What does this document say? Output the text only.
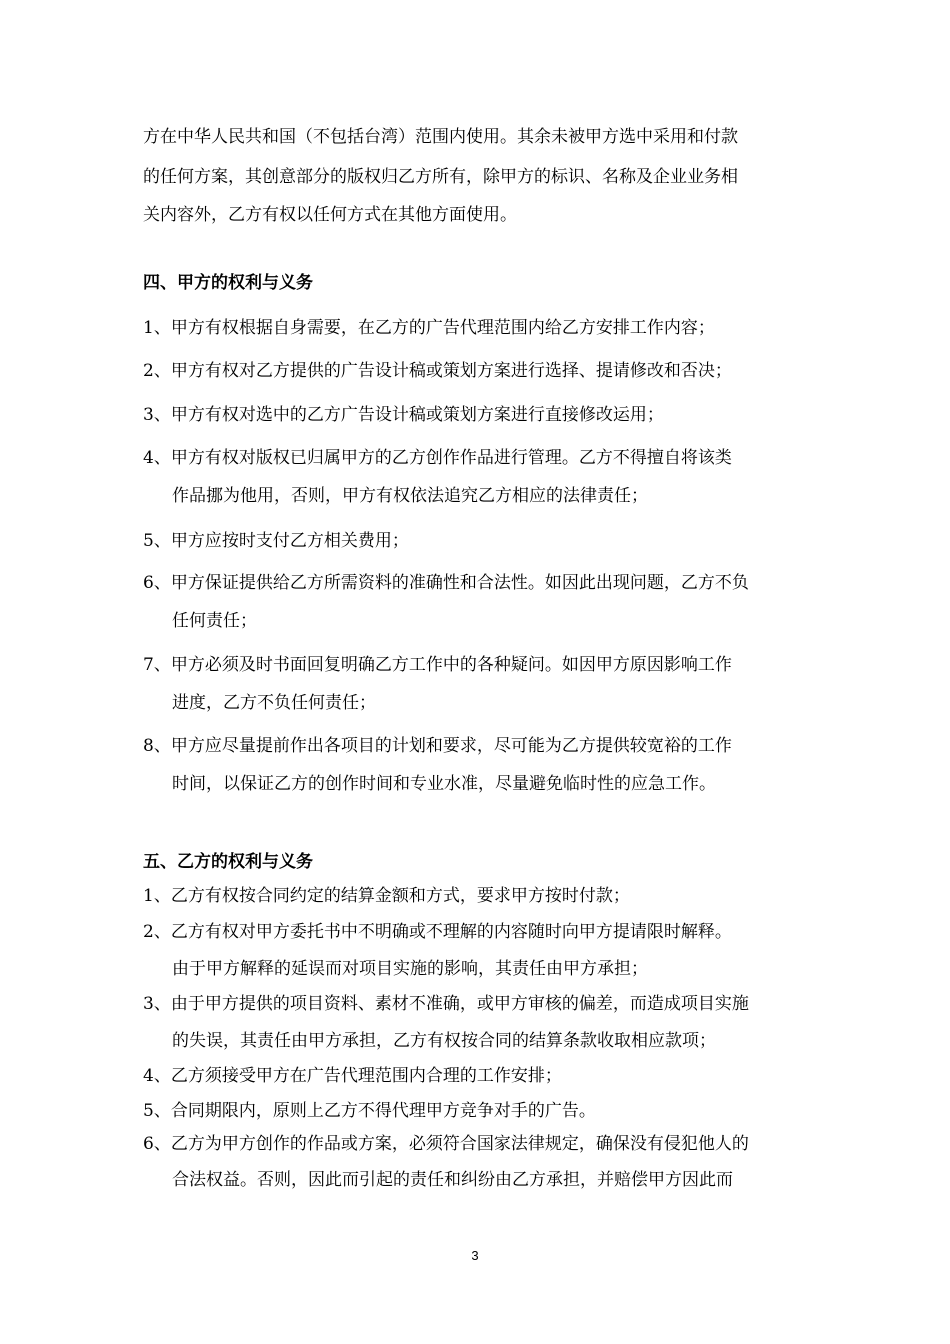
方在中华人民共和国（不包括台湾）范围内使用。其余未被甲方选中采用和付款
的任何方案，其创意部分的版权归乙方所有，除甲方的标识、名称及企业业务相
关内容外，乙方有权以任何方式在其他方面使用。
四、甲方的权利与义务
1、甲方有权根据自身需要，在乙方的广告代理范围内给乙方安排工作内容；
2、甲方有权对乙方提供的广告设计稿或策划方案进行选择、提请修改和否决；
3、甲方有权对选中的乙方广告设计稿或策划方案进行直接修改运用；
4、甲方有权对版权已归属甲方的乙方创作作品进行管理。乙方不得擅自将该类
作品挪为他用，否则，甲方有权依法追究乙方相应的法律责任；
5、甲方应按时支付乙方相关费用；
6、甲方保证提供给乙方所需资料的准确性和合法性。如因此出现问题，乙方不负
任何责任；
7、甲方必须及时书面回复明确乙方工作中的各种疑问。如因甲方原因影响工作
进度，乙方不负任何责任；
8、甲方应尽量提前作出各项目的计划和要求，尽可能为乙方提供较宽裕的工作
时间，以保证乙方的创作时间和专业水准，尽量避免临时性的应急工作。
五、乙方的权利与义务
1、乙方有权按合同约定的结算金额和方式，要求甲方按时付款；
2、乙方有权对甲方委托书中不明确或不理解的内容随时向甲方提请限时解释。
由于甲方解释的延误而对项目实施的影响，其责任由甲方承担；
3、由于甲方提供的项目资料、素材不准确，或甲方审核的偏差，而造成项目实施
的失误，其责任由甲方承担，乙方有权按合同的结算条款收取相应款项；
4、乙方须接受甲方在广告代理范围内合理的工作安排；
5、合同期限内，原则上乙方不得代理甲方竞争对手的广告。
6、乙方为甲方创作的作品或方案，必须符合国家法律规定，确保没有侵犯他人的
合法权益。否则，因此而引起的责任和纠纷由乙方承担，并赔偿甲方因此而
3
